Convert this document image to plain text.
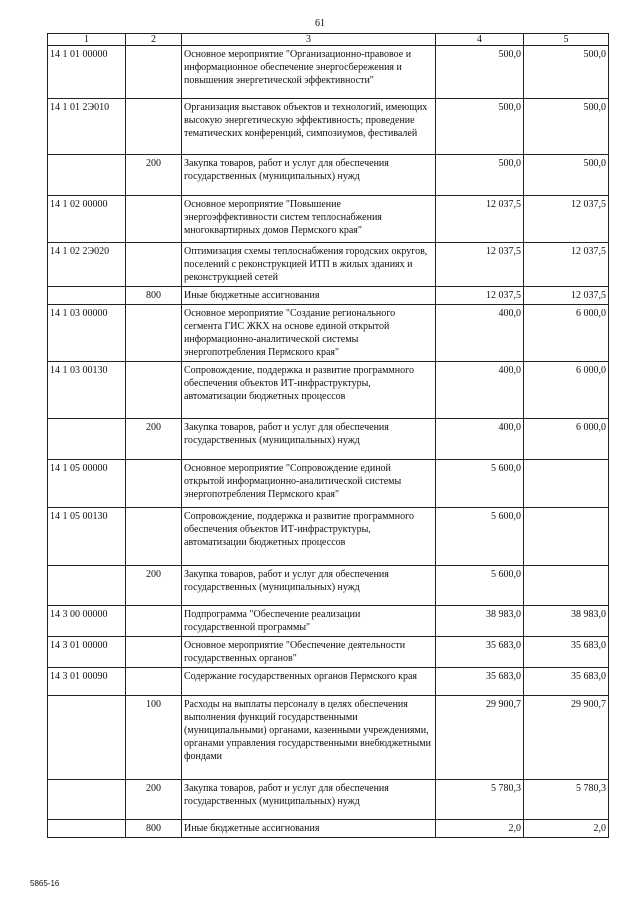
61
1	2	3	4	5
14 1 01 00000		Основное мероприятие "Организационно-правовое и информационное обеспечение энергосбережения и повышения энергетической эффективности"	500,0	500,0
14 1 01 2Э010		Организация выставок объектов и технологий, имеющих высокую энергетическую эффективность; проведение тематических конференций, симпозиумов, фестивалей	500,0	500,0
	200	Закупка товаров, работ и услуг для обеспечения государственных (муниципальных) нужд	500,0	500,0
14 1 02 00000		Основное мероприятие "Повышение энергоэффективности систем теплоснабжения многоквартирных домов Пермского края"	12 037,5	12 037,5
14 1 02 2Э020		Оптимизация схемы теплоснабжения городских округов, поселений с реконструкцией ИТП в жилых зданиях и реконструкцией сетей	12 037,5	12 037,5
	800	Иные бюджетные ассигнования	12 037,5	12 037,5
14 1 03 00000		Основное мероприятие "Создание регионального сегмента ГИС ЖКХ на основе единой открытой информационно-аналитической системы энергопотребления Пермского края"	400,0	6 000,0
14 1 03 00130		Сопровождение, поддержка и развитие программного обеспечения объектов ИТ-инфраструктуры, автоматизации бюджетных процессов	400,0	6 000,0
	200	Закупка товаров, работ и услуг для обеспечения государственных (муниципальных) нужд	400,0	6 000,0
14 1 05 00000		Основное мероприятие "Сопровождение единой открытой информационно-аналитической системы энергопотребления Пермского края"	5 600,0	
14 1 05 00130		Сопровождение, поддержка и развитие программного обеспечения объектов ИТ-инфраструктуры, автоматизации бюджетных процессов	5 600,0	
	200	Закупка товаров, работ и услуг для обеспечения государственных (муниципальных) нужд	5 600,0	
14 3 00 00000		Подпрограмма "Обеспечение реализации государственной программы"	38 983,0	38 983,0
14 3 01 00000		Основное мероприятие "Обеспечение деятельности государственных органов"	35 683,0	35 683,0
14 3 01 00090		Содержание государственных органов Пермского края	35 683,0	35 683,0
	100	Расходы на выплаты персоналу в целях обеспечения выполнения функций государственными (муниципальными) органами, казенными учреждениями, органами управления государственными внебюджетными фондами	29 900,7	29 900,7
	200	Закупка товаров, работ и услуг для обеспечения государственных (муниципальных) нужд	5 780,3	5 780,3
	800	Иные бюджетные ассигнования	2,0	2,0
5865-16
